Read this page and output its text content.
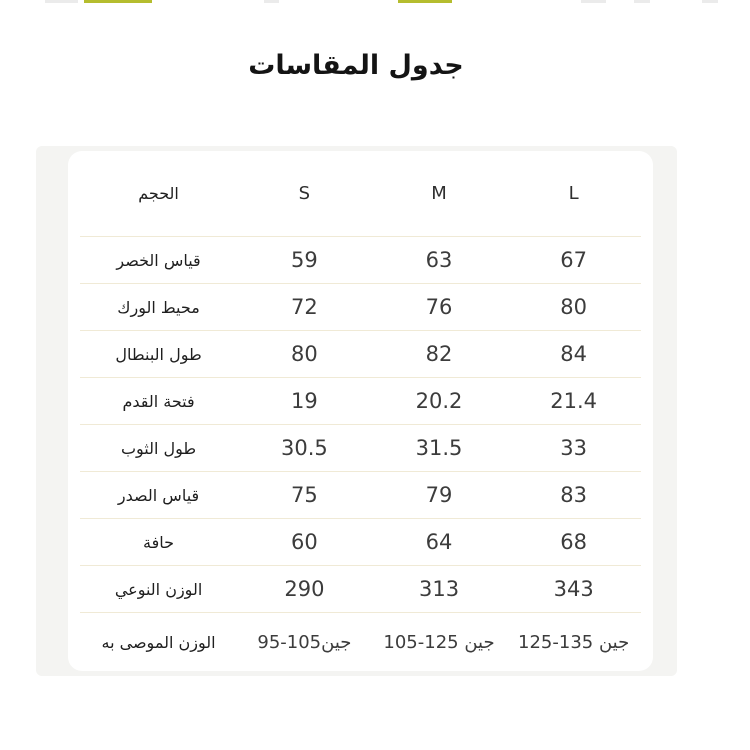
جدول المقاسات
الحجم	S	M	L
قياس الخصر	59	63	67
محيط الورك	72	76	80
طول البنطال	80	82	84
فتحة القدم	19	20.2	21.4
طول الثوب	30.5	31.5	33
قياس الصدر	75	79	83
حافة	60	64	68
الوزن النوعي	290	313	343
الوزن الموصى به	95-105جين	105-125 جين	125-135 جين
